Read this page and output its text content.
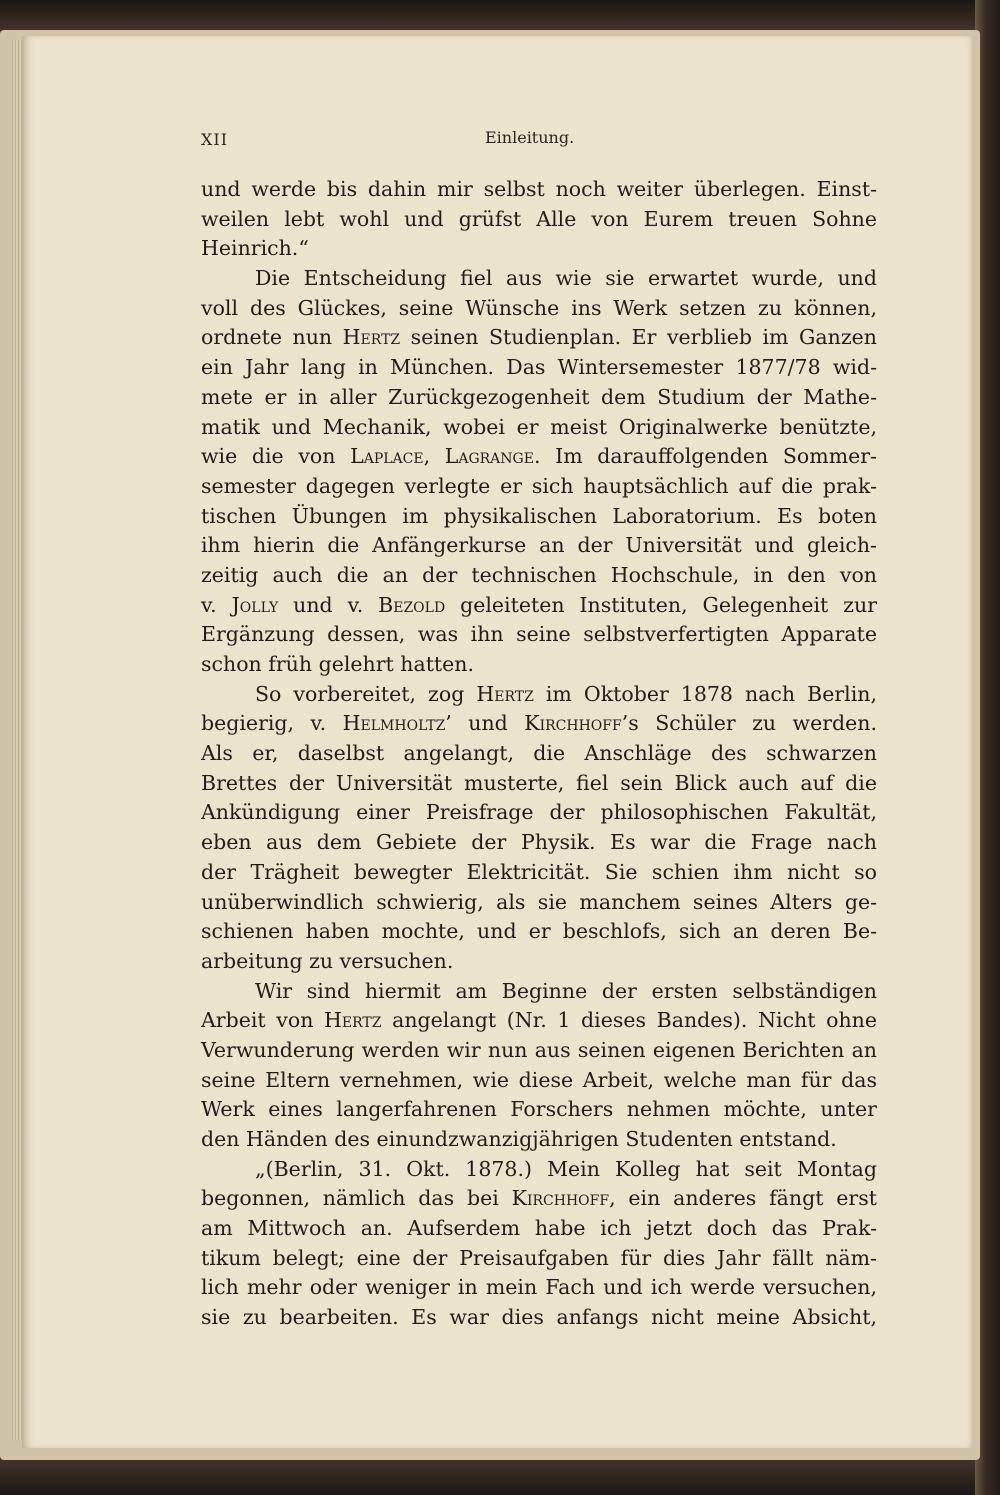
XII	Einleitung.
und werde bis dahin mir selbst noch weiter überlegen. Einst-
weilen lebt wohl und grüfst Alle von Eurem treuen Sohne
Heinrich.“
Die Entscheidung fiel aus wie sie erwartet wurde, und
voll des Glückes, seine Wünsche ins Werk setzen zu können,
ordnete nun Hertz seinen Studienplan. Er verblieb im Ganzen
ein Jahr lang in München. Das Wintersemester 1877/78 wid-
mete er in aller Zurückgezogenheit dem Studium der Mathe-
matik und Mechanik, wobei er meist Originalwerke benützte,
wie die von Laplace, Lagrange. Im darauffolgenden Sommer-
semester dagegen verlegte er sich hauptsächlich auf die prak-
tischen Übungen im physikalischen Laboratorium. Es boten
ihm hierin die Anfängerkurse an der Universität und gleich-
zeitig auch die an der technischen Hochschule, in den von
v. Jolly und v. Bezold geleiteten Instituten, Gelegenheit zur
Ergänzung dessen, was ihn seine selbstverfertigten Apparate
schon früh gelehrt hatten.
So vorbereitet, zog Hertz im Oktober 1878 nach Berlin,
begierig, v. Helmholtz’ und Kirchhoff’s Schüler zu werden.
Als er, daselbst angelangt, die Anschläge des schwarzen
Brettes der Universität musterte, fiel sein Blick auch auf die
Ankündigung einer Preisfrage der philosophischen Fakultät,
eben aus dem Gebiete der Physik. Es war die Frage nach
der Trägheit bewegter Elektricität. Sie schien ihm nicht so
unüberwindlich schwierig, als sie manchem seines Alters ge-
schienen haben mochte, und er beschlofs, sich an deren Be-
arbeitung zu versuchen.
Wir sind hiermit am Beginne der ersten selbständigen
Arbeit von Hertz angelangt (Nr. 1 dieses Bandes). Nicht ohne
Verwunderung werden wir nun aus seinen eigenen Berichten an
seine Eltern vernehmen, wie diese Arbeit, welche man für das
Werk eines langerfahrenen Forschers nehmen möchte, unter
den Händen des einundzwanzigjährigen Studenten entstand.
„(Berlin, 31. Okt. 1878.) Mein Kolleg hat seit Montag
begonnen, nämlich das bei Kirchhoff, ein anderes fängt erst
am Mittwoch an. Aufserdem habe ich jetzt doch das Prak-
tikum belegt; eine der Preisaufgaben für dies Jahr fällt näm-
lich mehr oder weniger in mein Fach und ich werde versuchen,
sie zu bearbeiten. Es war dies anfangs nicht meine Absicht,
